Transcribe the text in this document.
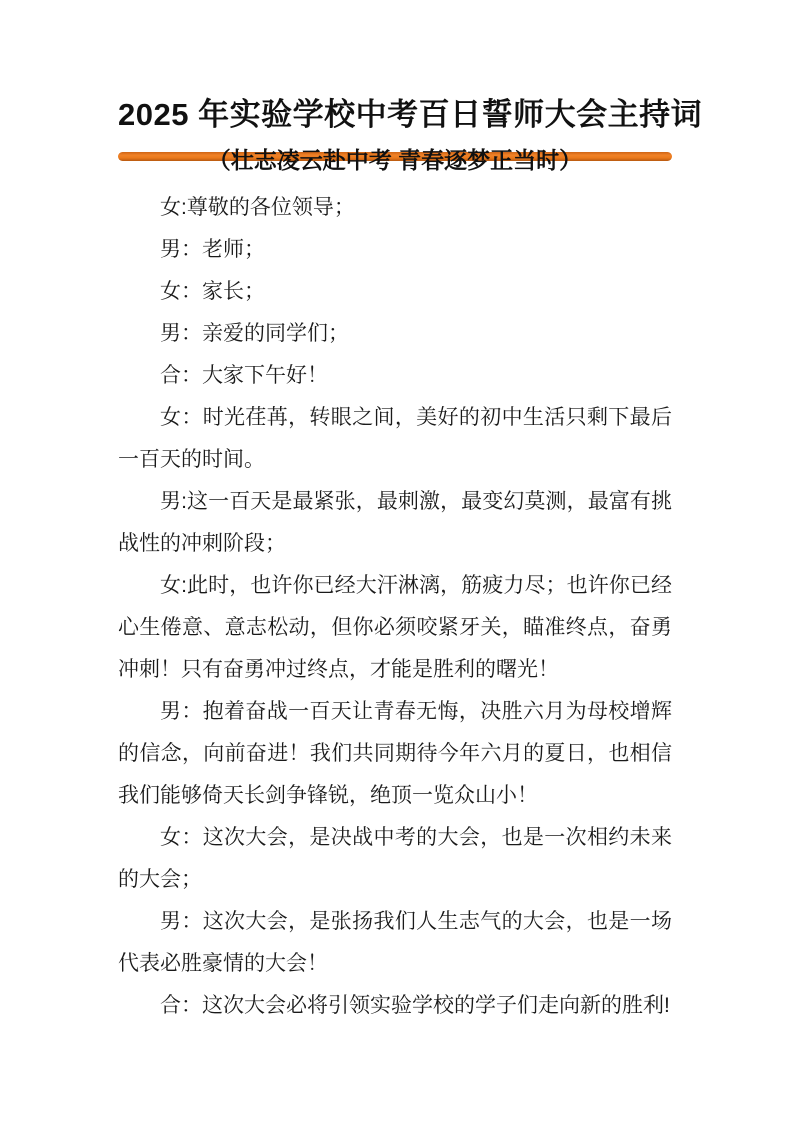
2025 年实验学校中考百日誓师大会主持词
（壮志凌云赴中考 青春逐梦正当时）

女:尊敬的各位领导；

男：老师；

女：家长；

男：亲爱的同学们；

合：大家下午好！

女：时光荏苒，转眼之间，美好的初中生活只剩下最后一百天的时间。

男:这一百天是最紧张，最刺激，最变幻莫测，最富有挑战性的冲刺阶段；

女:此时，也许你已经大汗淋漓，筋疲力尽；也许你已经心生倦意、意志松动，但你必须咬紧牙关，瞄准终点，奋勇冲刺！只有奋勇冲过终点，才能是胜利的曙光！

男：抱着奋战一百天让青春无悔，决胜六月为母校增辉的信念，向前奋进！我们共同期待今年六月的夏日，也相信我们能够倚天长剑争锋锐，绝顶一览众山小！

女：这次大会，是决战中考的大会，也是一次相约未来的大会；

男：这次大会，是张扬我们人生志气的大会，也是一场代表必胜豪情的大会！

合：这次大会必将引领实验学校的学子们走向新的胜利!
